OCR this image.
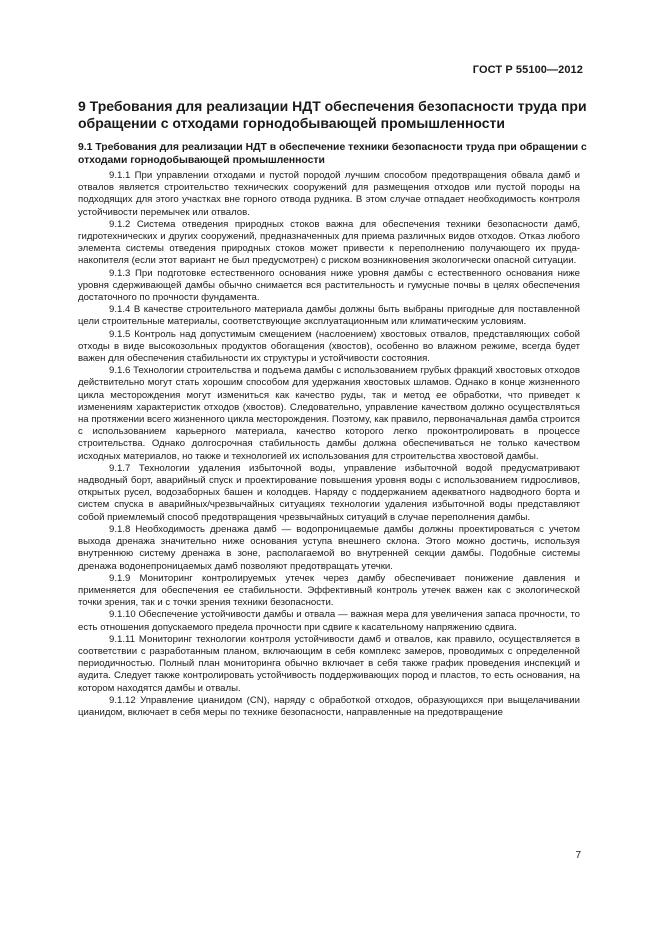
ГОСТ Р 55100—2012
9 Требования для реализации НДТ обеспечения безопасности труда при обращении с отходами горнодобывающей промышленности
9.1 Требования для реализации НДТ в обеспечение техники безопасности труда при обращении с отходами горнодобывающей промышленности

9.1.1 При управлении отходами и пустой породой лучшим способом предотвращения обвала дамб и отвалов является строительство технических сооружений для размещения отходов или пустой породы на подходящих для этого участках вне горного отвода рудника. В этом случае отпадает необходимость контроля устойчивости перемычек или отвалов.

9.1.2 Система отведения природных стоков важна для обеспечения техники безопасности дамб, гидротехнических и других сооружений, предназначенных для приема различных видов отходов. Отказ любого элемента системы отведения природных стоков может привести к переполнению получающего их пруда-накопителя (если этот вариант не был предусмотрен) с риском возникновения экологически опасной ситуации.

9.1.3 При подготовке естественного основания ниже уровня дамбы с естественного основания ниже уровня сдерживающей дамбы обычно снимается вся растительность и гумусные почвы в целях обеспечения достаточного по прочности фундамента.

9.1.4 В качестве строительного материала дамбы должны быть выбраны пригодные для поставленной цели строительные материалы, соответствующие эксплуатационным или климатическим условиям.

9.1.5 Контроль над допустимым смещением (наслоением) хвостовых отвалов, представляющих собой отходы в виде высокозольных продуктов обогащения (хвостов), особенно во влажном режиме, всегда будет важен для обеспечения стабильности их структуры и устойчивости состояния.

9.1.6 Технологии строительства и подъема дамбы с использованием грубых фракций хвостовых отходов действительно могут стать хорошим способом для удержания хвостовых шламов. Однако в конце жизненного цикла месторождения могут измениться как качество руды, так и метод ее обработки, что приведет к изменениям характеристик отходов (хвостов). Следовательно, управление качеством должно осуществляться на протяжении всего жизненного цикла месторождения. Поэтому, как правило, первоначальная дамба строится с использованием карьерного материала, качество которого легко проконтролировать в процессе строительства. Однако долгосрочная стабильность дамбы должна обеспечиваться не только качеством исходных материалов, но также и технологией их использования для строительства хвостовой дамбы.

9.1.7 Технологии удаления избыточной воды, управление избыточной водой предусматривают надводный борт, аварийный спуск и проектирование повышения уровня воды с использованием гидросливов, открытых русел, водозаборных башен и колодцев. Наряду с поддержанием адекватного надводного борта и систем спуска в аварийных/чрезвычайных ситуациях технологии удаления избыточной воды представляют собой приемлемый способ предотвращения чрезвычайных ситуаций в случае переполнения дамбы.

9.1.8 Необходимость дренажа дамб — водопроницаемые дамбы должны проектироваться с учетом выхода дренажа значительно ниже основания уступа внешнего склона. Этого можно достичь, используя внутреннюю систему дренажа в зоне, располагаемой во внутренней секции дамбы. Подобные системы дренажа водонепроницаемых дамб позволяют предотвращать утечки.

9.1.9 Мониторинг контролируемых утечек через дамбу обеспечивает понижение давления и применяется для обеспечения ее стабильности. Эффективный контроль утечек важен как с экологической точки зрения, так и с точки зрения техники безопасности.

9.1.10 Обеспечение устойчивости дамбы и отвала — важная мера для увеличения запаса прочности, то есть отношения допускаемого предела прочности при сдвиге к касательному напряжению сдвига.

9.1.11 Мониторинг технологии контроля устойчивости дамб и отвалов, как правило, осуществляется в соответствии с разработанным планом, включающим в себя комплекс замеров, проводимых с определенной периодичностью. Полный план мониторинга обычно включает в себя также график проведения инспекций и аудита. Следует также контролировать устойчивость поддерживающих пород и пластов, то есть основания, на котором находятся дамбы и отвалы.

9.1.12 Управление цианидом (CN), наряду с обработкой отходов, образующихся при выщелачивании цианидом, включает в себя меры по технике безопасности, направленные на предотвращение

7
